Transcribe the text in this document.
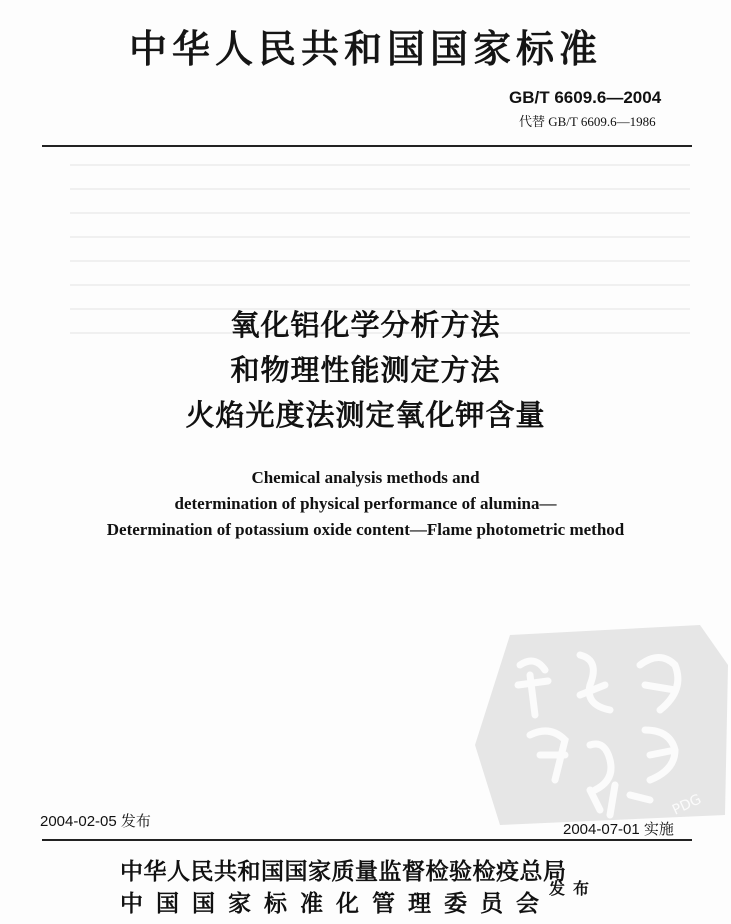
中华人民共和国国家标准
GB/T 6609.6—2004
代替 GB/T 6609.6—1986
氧化铝化学分析方法
和物理性能测定方法
火焰光度法测定氧化钾含量
Chemical analysis methods and
determination of physical performance of alumina—
Determination of potassium oxide content—Flame photometric method
PDG
2004-02-05 发布	2004-07-01 实施
中华人民共和国国家质量监督检验检疫总局
中国国家标准化管理委员会
发布
